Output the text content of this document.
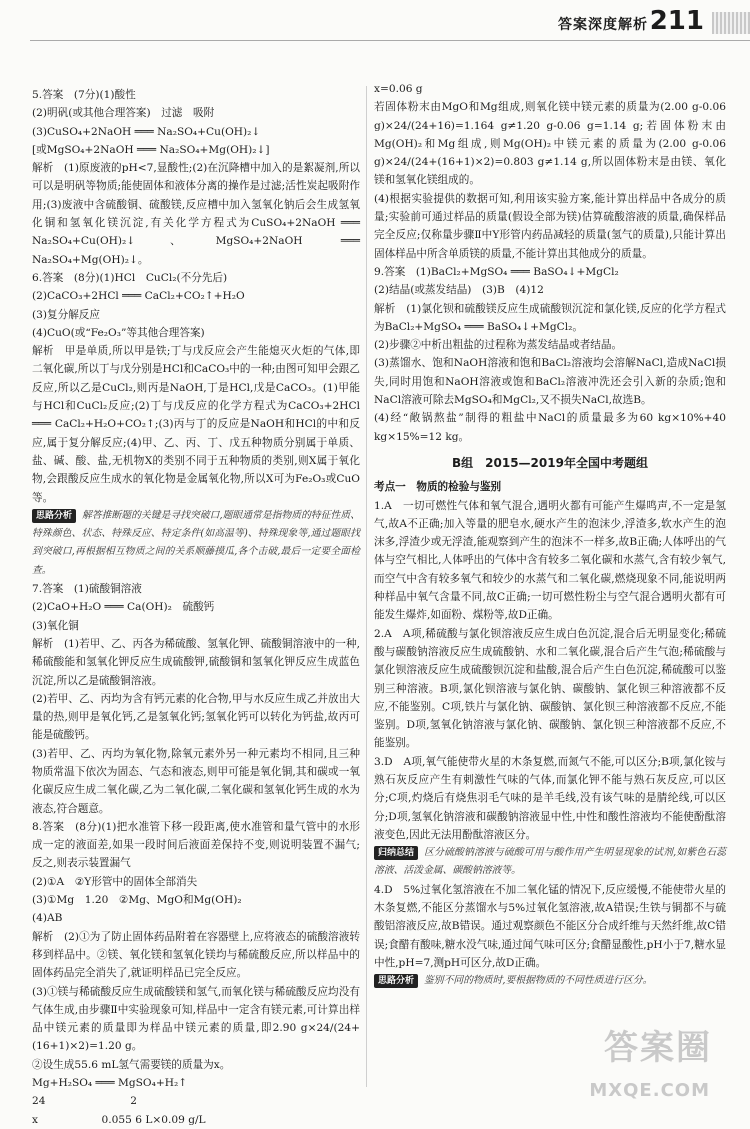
答案深度解析 211

5.答案　(7分)(1)酸性

(2)明矾(或其他合理答案)　过滤　吸附

(3)CuSO₄+2NaOH ═══ Na₂SO₄+Cu(OH)₂↓

[或MgSO₄+2NaOH ═══ Na₂SO₄+Mg(OH)₂↓]

解析　(1)原废液的pH<7,显酸性;(2)在沉降槽中加入的是絮凝剂,所以可以是明矾等物质;能使固体和液体分离的操作是过滤;活性炭起吸附作用;(3)废液中含硫酸铜、硫酸镁,反应槽中加入氢氧化钠后会生成氢氧化铜和氢氧化镁沉淀,有关化学方程式为CuSO₄+2NaOH ═══ Na₂SO₄+Cu(OH)₂↓、MgSO₄+2NaOH ═══ Na₂SO₄+Mg(OH)₂↓。

6.答案　(8分)(1)HCl　CuCl₂(不分先后)

(2)CaCO₃+2HCl ═══ CaCl₂+CO₂↑+H₂O

(3)复分解反应

(4)CuO(或“Fe₂O₃”等其他合理答案)

解析　甲是单质,所以甲是铁;丁与戊反应会产生能熄灭火炬的气体,即二氧化碳,所以丁与戊分别是HCl和CaCO₃中的一种;由图可知甲会跟乙反应,所以乙是CuCl₂,则丙是NaOH,丁是HCl,戊是CaCO₃。(1)甲能与HCl和CuCl₂反应;(2)丁与戊反应的化学方程式为CaCO₃+2HCl ═══ CaCl₂+H₂O+CO₂↑;(3)丙与丁的反应是NaOH和HCl的中和反应,属于复分解反应;(4)甲、乙、丙、丁、戊五种物质分别属于单质、盐、碱、酸、盐,无机物X的类别不同于五种物质的类别,则X属于氧化物,会跟酸反应生成水的氧化物是金属氧化物,所以X可为Fe₂O₃或CuO等。

思路分析 解答推断题的关键是寻找突破口,题眼通常是指物质的特征性质、特殊颜色、状态、特殊反应、特定条件(如高温等)、特殊现象等,通过题眼找到突破口,再根据相互物质之间的关系顺藤摸瓜,各个击破,最后一定要全面检查。

7.答案　(1)硫酸铜溶液

(2)CaO+H₂O ═══ Ca(OH)₂　硫酸钙

(3)氧化铜

解析　(1)若甲、乙、丙各为稀硫酸、氢氧化钾、硫酸铜溶液中的一种,稀硫酸能和氢氧化钾反应生成硫酸钾,硫酸铜和氢氧化钾反应生成蓝色沉淀,所以乙是硫酸铜溶液。

(2)若甲、乙、丙均为含有钙元素的化合物,甲与水反应生成乙并放出大量的热,则甲是氧化钙,乙是氢氧化钙;氢氧化钙可以转化为钙盐,故丙可能是硫酸钙。

(3)若甲、乙、丙均为氧化物,除氧元素外另一种元素均不相同,且三种物质常温下依次为固态、气态和液态,则甲可能是氧化铜,其和碳或一氧化碳反应生成二氧化碳,乙为二氧化碳,二氧化碳和氢氧化钙生成的水为液态,符合题意。

8.答案　(8分)(1)把水准管下移一段距离,使水准管和量气管中的水形成一定的液面差,如果一段时间后液面差保持不变,则说明装置不漏气;反之,则表示装置漏气

(2)①A　②Y形管中的固体全部消失

(3)①Mg　1.20　②Mg、MgO和Mg(OH)₂

(4)AB

解析　(2)①为了防止固体药品附着在容器壁上,应将液态的硫酸溶液转移到样品中。②镁、氧化镁和氢氧化镁均与稀硫酸反应,所以样品中的固体药品完全消失了,就证明样品已完全反应。

(3)①镁与稀硫酸反应生成硫酸镁和氢气,而氧化镁与稀硫酸反应均没有气体生成,由步骤Ⅱ中实验现象可知,样品中一定含有镁元素,可计算出样品中镁元素的质量即为样品中镁元素的质量,即2.90 g×24/(24+(16+1)×2)=1.20 g。

②设生成55.6 mL氢气需要镁的质量为x。

Mg+H₂SO₄ ═══ MgSO₄+H₂↑

24　　　　　　　　2

x　　　　　　0.055 6 L×0.09 g/L

x=0.06 g

若固体粉末由MgO和Mg组成,则氧化镁中镁元素的质量为(2.00 g-0.06 g)×24/(24+16)=1.164 g≠1.20 g-0.06 g=1.14 g;若固体粉末由Mg(OH)₂和Mg组成,则Mg(OH)₂中镁元素的质量为(2.00 g-0.06 g)×24/(24+(16+1)×2)=0.803 g≠1.14 g,所以固体粉末是由镁、氧化镁和氢氧化镁组成的。

(4)根据实验提供的数据可知,利用该实验方案,能计算出样品中各成分的质量;实验前可通过样品的质量(假设全部为镁)估算硫酸溶液的质量,确保样品完全反应;仅称量步骤Ⅱ中Y形管内药品减轻的质量(氢气的质量),只能计算出固体样品中所含单质镁的质量,不能计算出其他成分的质量。

9.答案　(1)BaCl₂+MgSO₄ ═══ BaSO₄↓+MgCl₂

(2)结晶(或蒸发结晶)　(3)B　(4)12

解析　(1)氯化钡和硫酸镁反应生成硫酸钡沉淀和氯化镁,反应的化学方程式为BaCl₂+MgSO₄ ═══ BaSO₄↓+MgCl₂。

(2)步骤②中析出粗盐的过程称为蒸发结晶或者结晶。

(3)蒸馏水、饱和NaOH溶液和饱和BaCl₂溶液均会溶解NaCl,造成NaCl损失,同时用饱和NaOH溶液或饱和BaCl₂溶液冲洗还会引入新的杂质;饱和NaCl溶液可除去MgSO₄和MgCl₂,又不损失NaCl,故选B。

(4)经“敞锅熬盐”制得的粗盐中NaCl的质量最多为60 kg×10%+40 kg×15%=12 kg。

B组　2015—2019年全国中考题组

考点一　物质的检验与鉴别

1.A　一切可燃性气体和氧气混合,遇明火都有可能产生爆鸣声,不一定是氢气,故A不正确;加入等量的肥皂水,硬水产生的泡沫少,浮渣多,软水产生的泡沫多,浮渣少或无浮渣,能观察到产生的泡沫不一样多,故B正确;人体呼出的气体与空气相比,人体呼出的气体中含有较多二氧化碳和水蒸气,含有较少氧气,而空气中含有较多氧气和较少的水蒸气和二氧化碳,燃烧现象不同,能说明两种样品中氧气含量不同,故C正确;一切可燃性粉尘与空气混合遇明火都有可能发生爆炸,如面粉、煤粉等,故D正确。

2.A　A项,稀硫酸与氯化钡溶液反应生成白色沉淀,混合后无明显变化;稀硫酸与碳酸钠溶液反应生成硫酸钠、水和二氧化碳,混合后产生气泡;稀硫酸与氯化钡溶液反应生成硫酸钡沉淀和盐酸,混合后产生白色沉淀,稀硫酸可以鉴别三种溶液。B项,氯化钡溶液与氯化钠、碳酸钠、氯化钡三种溶液都不反应,不能鉴别。C项,铁片与氯化钠、碳酸钠、氯化钡三种溶液都不反应,不能鉴别。D项,氢氧化钠溶液与氯化钠、碳酸钠、氯化钡三种溶液都不反应,不能鉴别。

3.D　A项,氧气能使带火星的木条复燃,而氮气不能,可以区分;B项,氯化铵与熟石灰反应产生有刺激性气味的气体,而氯化钾不能与熟石灰反应,可以区分;C项,灼烧后有烧焦羽毛气味的是羊毛线,没有该气味的是腈纶线,可以区分;D项,氢氧化钠溶液和碳酸钠溶液显中性,中性和酸性溶液均不能使酚酞溶液变色,因此无法用酚酞溶液区分。

归纳总结 区分硫酸钠溶液与硫酸可用与酸作用产生明显现象的试剂,如紫色石蕊溶液、活泼金属、碳酸钠溶液等。

4.D　5%过氧化氢溶液在不加二氧化锰的情况下,反应缓慢,不能使带火星的木条复燃,不能区分蒸馏水与5%过氧化氢溶液,故A错误;生铁与铜都不与硫酸铝溶液反应,故B错误。通过观察颜色不能区分合成纤维与天然纤维,故C错误;食醋有酸味,糖水没气味,通过闻气味可区分;食醋显酸性,pH小于7,糖水显中性,pH=7,测pH可区分,故D正确。

思路分析 鉴别不同的物质时,要根据物质的不同性质进行区分。

答案圈
MXQE.COM
